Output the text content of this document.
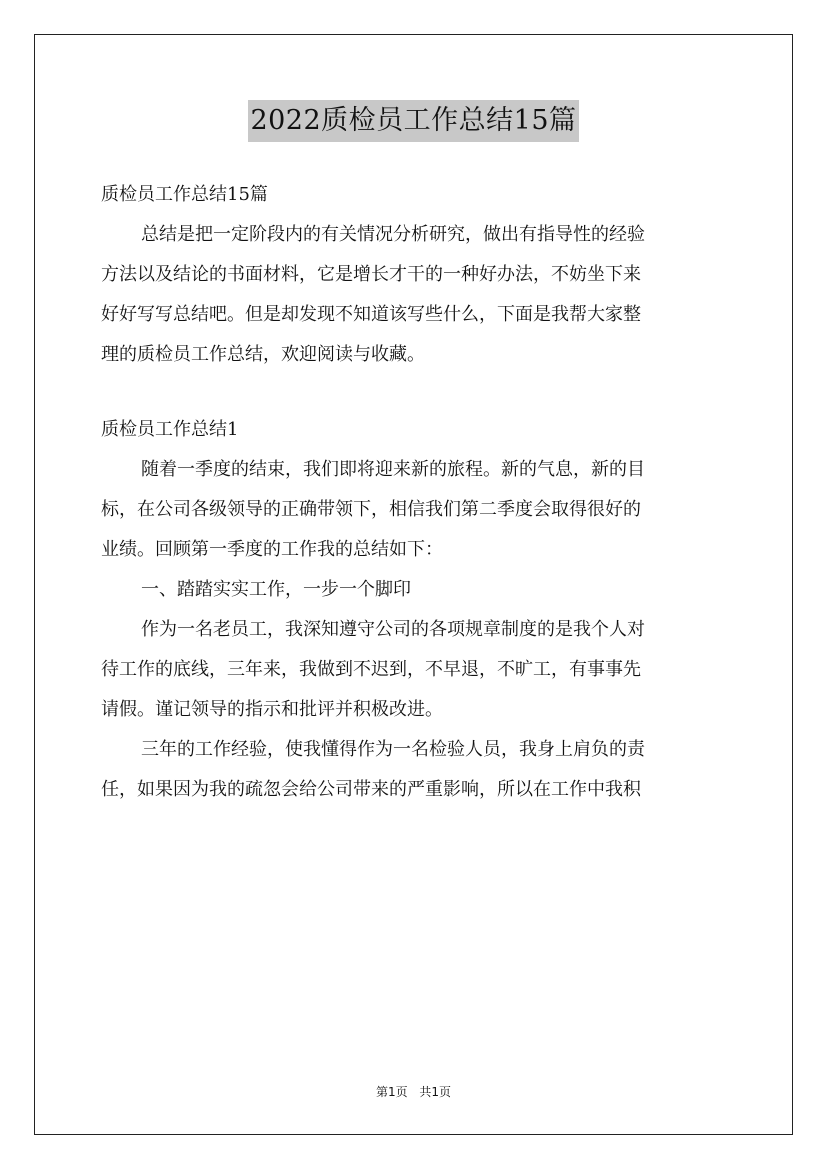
2022质检员工作总结15篇

质检员工作总结15篇

总结是把一定阶段内的有关情况分析研究，做出有指导性的经验

方法以及结论的书面材料，它是增长才干的一种好办法，不妨坐下来

好好写写总结吧。但是却发现不知道该写些什么，下面是我帮大家整

理的质检员工作总结，欢迎阅读与收藏。

质检员工作总结1

随着一季度的结束，我们即将迎来新的旅程。新的气息，新的目

标，在公司各级领导的正确带领下，相信我们第二季度会取得很好的

业绩。回顾第一季度的工作我的总结如下：

一、踏踏实实工作，一步一个脚印

作为一名老员工，我深知遵守公司的各项规章制度的是我个人对

待工作的底线，三年来，我做到不迟到，不早退，不旷工，有事事先

请假。谨记领导的指示和批评并积极改进。

三年的工作经验，使我懂得作为一名检验人员，我身上肩负的责

任，如果因为我的疏忽会给公司带来的严重影响，所以在工作中我积

第1页 共1页
